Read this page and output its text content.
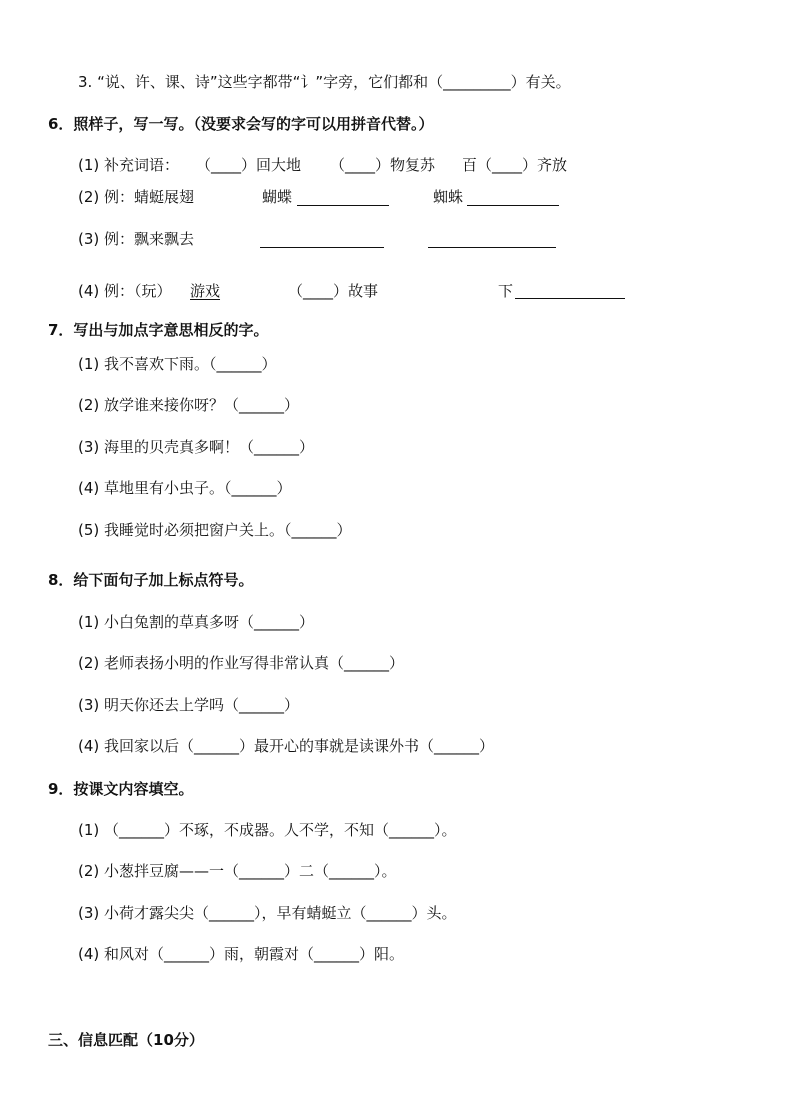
3. “说、许、课、诗”这些字都带“讠”字旁，它们都和（_________）有关。
6．照样子，写一写。（没要求会写的字可以用拼音代替。）
(1) 补充词语： （____）回大地 （____）物复苏 百（____）齐放
(2) 例：蜻蜓展翅	蝴蝶	蜘蛛
(3) 例：飘来飘去
(4) 例：（玩） 游戏	（____）故事	下
7．写出与加点字意思相反的字。
(1) 我不喜欢下雨。（______）
(2) 放学谁来接你呀？（______）
(3) 海里的贝壳真多啊！（______）
(4) 草地里有小虫子。（______）
(5) 我睡觉时必须把窗户关上。（______）
8．给下面句子加上标点符号。
(1) 小白兔割的草真多呀（______）
(2) 老师表扬小明的作业写得非常认真（______）
(3) 明天你还去上学吗（______）
(4) 我回家以后（______）最开心的事就是读课外书（______）
9．按课文内容填空。
(1) （______）不琢，不成器。人不学，不知（______）。
(2) 小葱拌豆腐——一（______）二（______）。
(3) 小荷才露尖尖（______），早有蜻蜓立（______）头。
(4) 和风对（______）雨，朝霞对（______）阳。
三、信息匹配（10分）
